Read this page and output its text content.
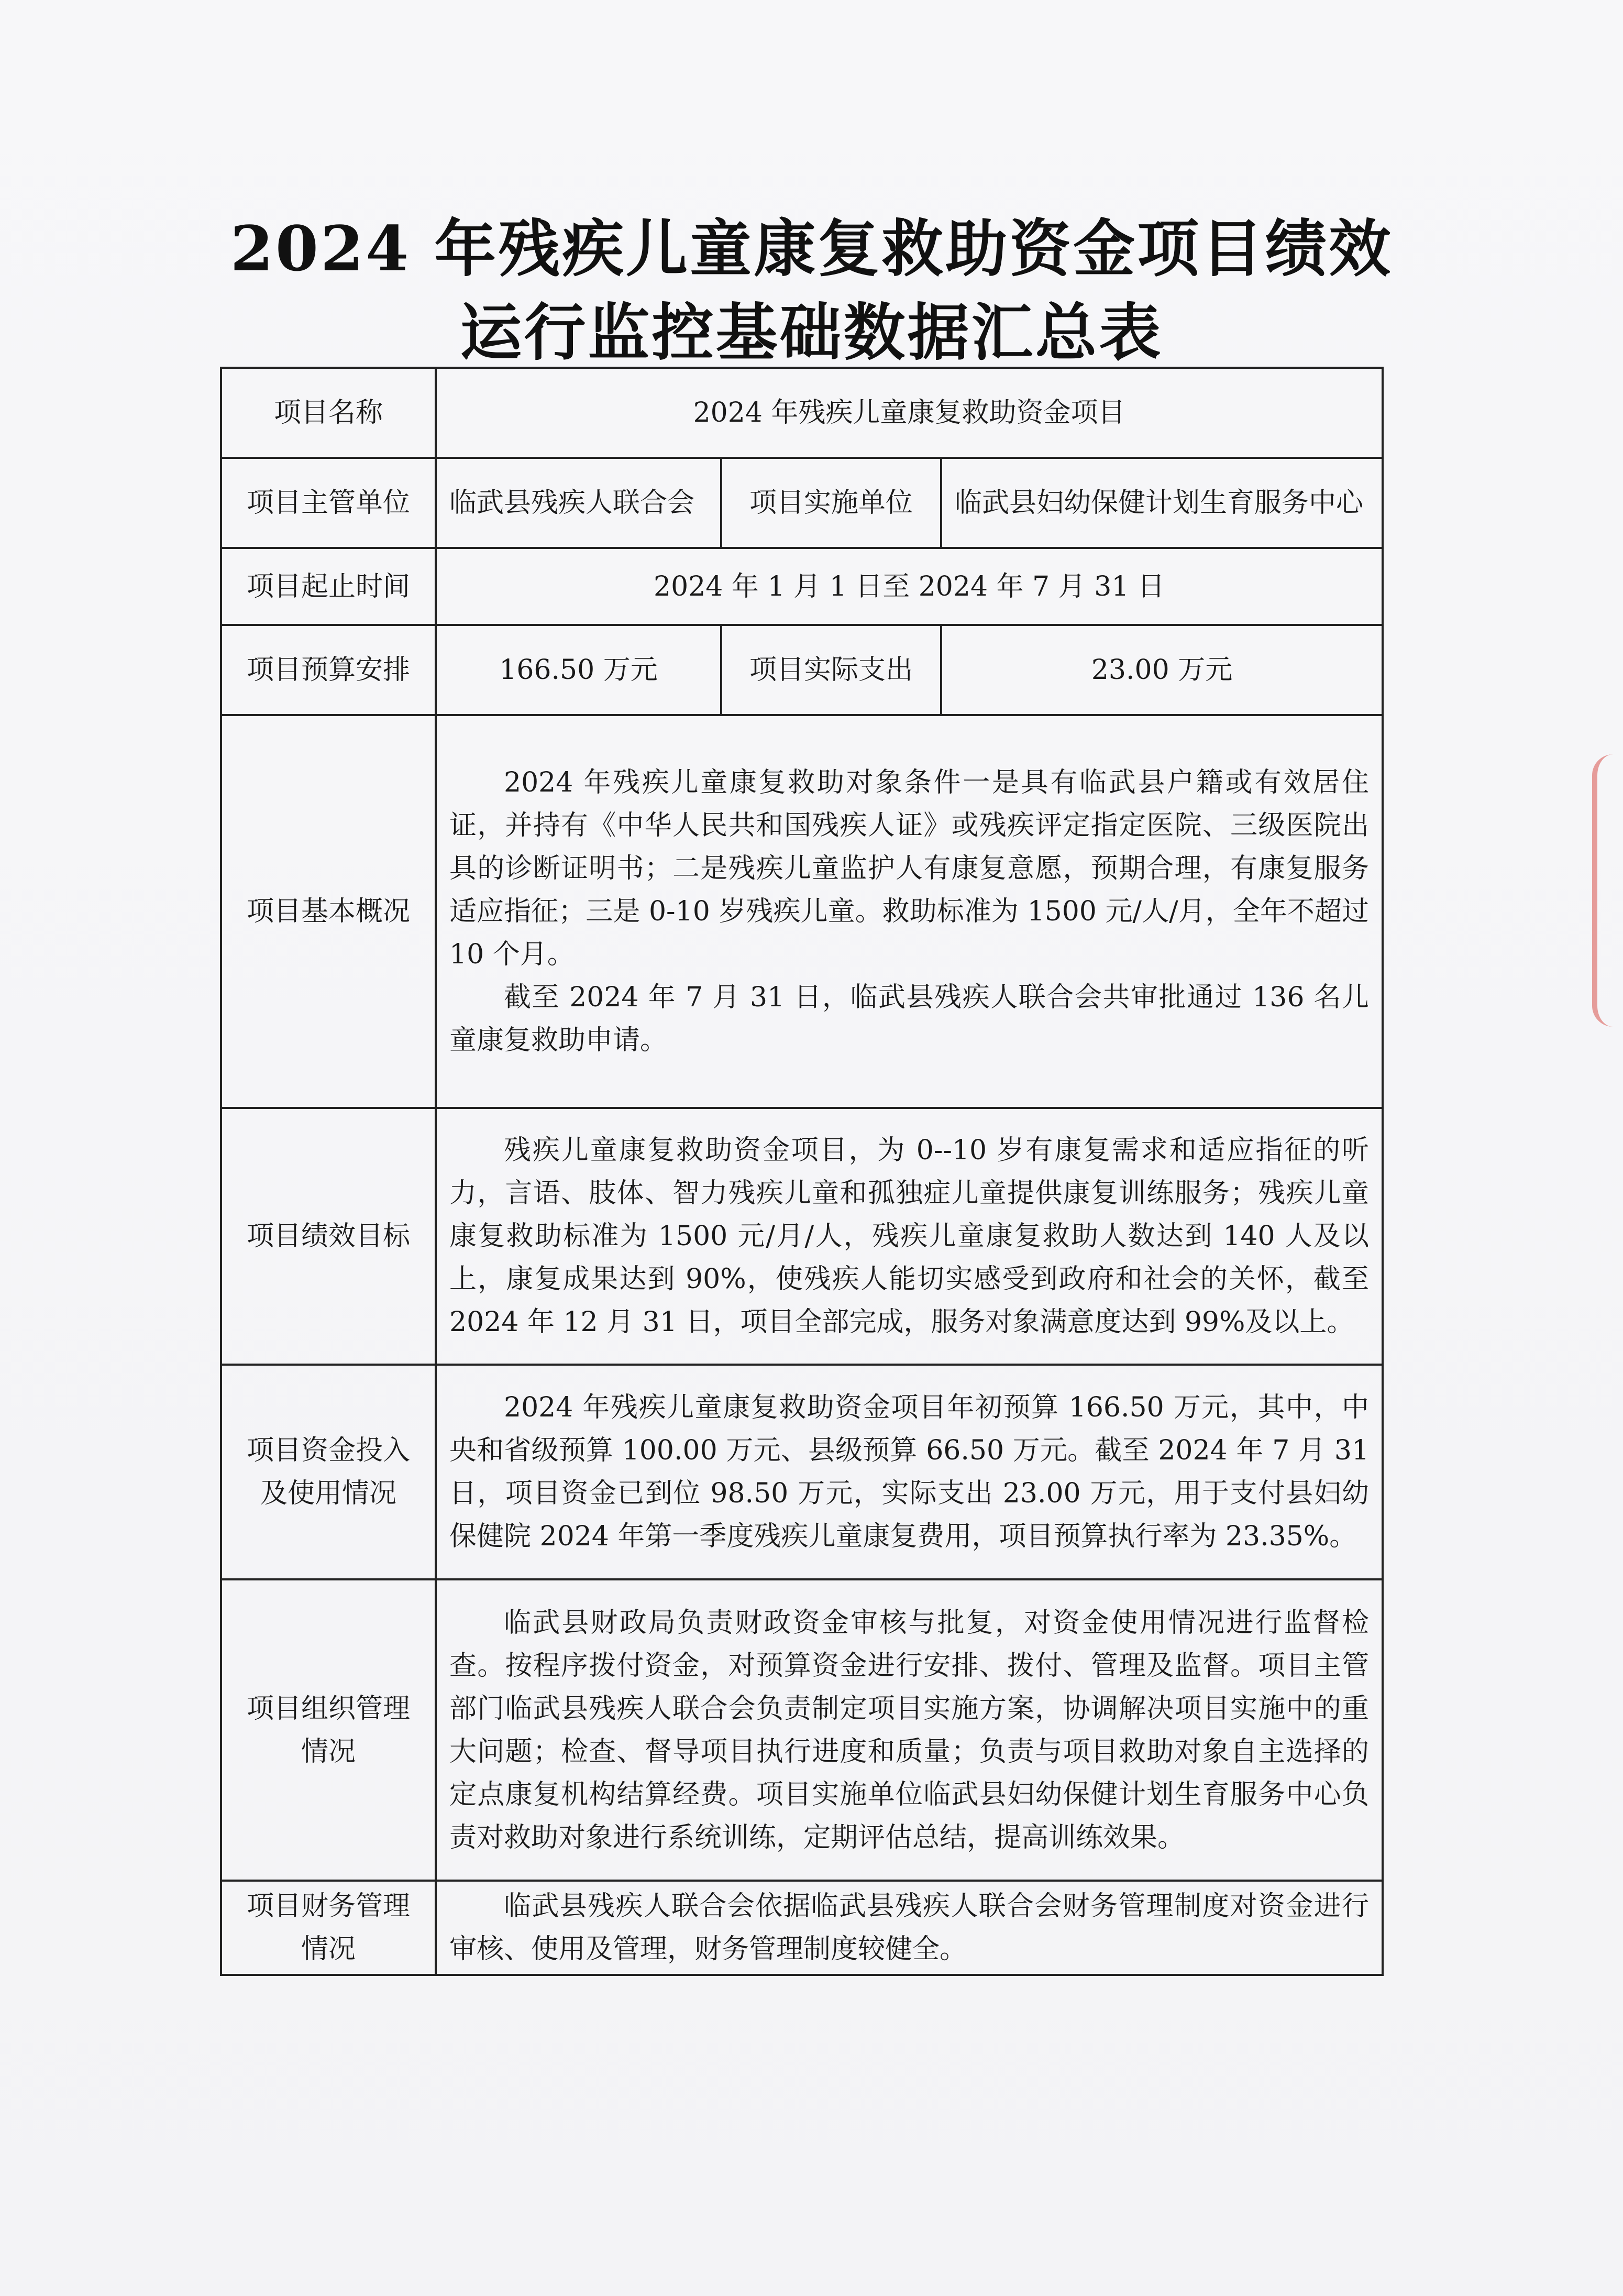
2024 年残疾儿童康复救助资金项目绩效
运行监控基础数据汇总表
项目名称	2024 年残疾儿童康复救助资金项目		
项目主管单位	临武县残疾人联合会	项目实施单位	临武县妇幼保健计划生育服务中心
项目起止时间	2024 年 1 月 1 日至 2024 年 7 月 31 日		
项目预算安排	166.50 万元	项目实际支出	23.00 万元
项目基本概况	2024 年残疾儿童康复救助对象条件一是具有临武县户籍或有效居住证，并持有《中华人民共和国残疾人证》或残疾评定指定医院、三级医院出具的诊断证明书；二是残疾儿童监护人有康复意愿，预期合理，有康复服务适应指征；三是 0-10 岁残疾儿童。救助标准为 1500 元/人/月，全年不超过 10 个月。

截至 2024 年 7 月 31 日，临武县残疾人联合会共审批通过 136 名儿童康复救助申请。		

项目绩效目标	残疾儿童康复救助资金项目，为 0--10 岁有康复需求和适应指征的听力，言语、肢体、智力残疾儿童和孤独症儿童提供康复训练服务；残疾儿童康复救助标准为 1500 元/月/人，残疾儿童康复救助人数达到 140 人及以上，康复成果达到 90%，使残疾人能切实感受到政府和社会的关怀，截至 2024 年 12 月 31 日，项目全部完成，服务对象满意度达到 99%及以上。		

项目资金投入及使用情况	2024 年残疾儿童康复救助资金项目年初预算 166.50 万元，其中，中央和省级预算 100.00 万元、县级预算 66.50 万元。截至 2024 年 7 月 31 日，项目资金已到位 98.50 万元，实际支出 23.00 万元，用于支付县妇幼保健院 2024 年第一季度残疾儿童康复费用，项目预算执行率为 23.35%。		

项目组织管理情况	临武县财政局负责财政资金审核与批复，对资金使用情况进行监督检查。按程序拨付资金，对预算资金进行安排、拨付、管理及监督。项目主管部门临武县残疾人联合会负责制定项目实施方案，协调解决项目实施中的重大问题；检查、督导项目执行进度和质量；负责与项目救助对象自主选择的定点康复机构结算经费。项目实施单位临武县妇幼保健计划生育服务中心负责对救助对象进行系统训练，定期评估总结，提高训练效果。		

项目财务管理情况	临武县残疾人联合会依据临武县残疾人联合会财务管理制度对资金进行审核、使用及管理，财务管理制度较健全。		
